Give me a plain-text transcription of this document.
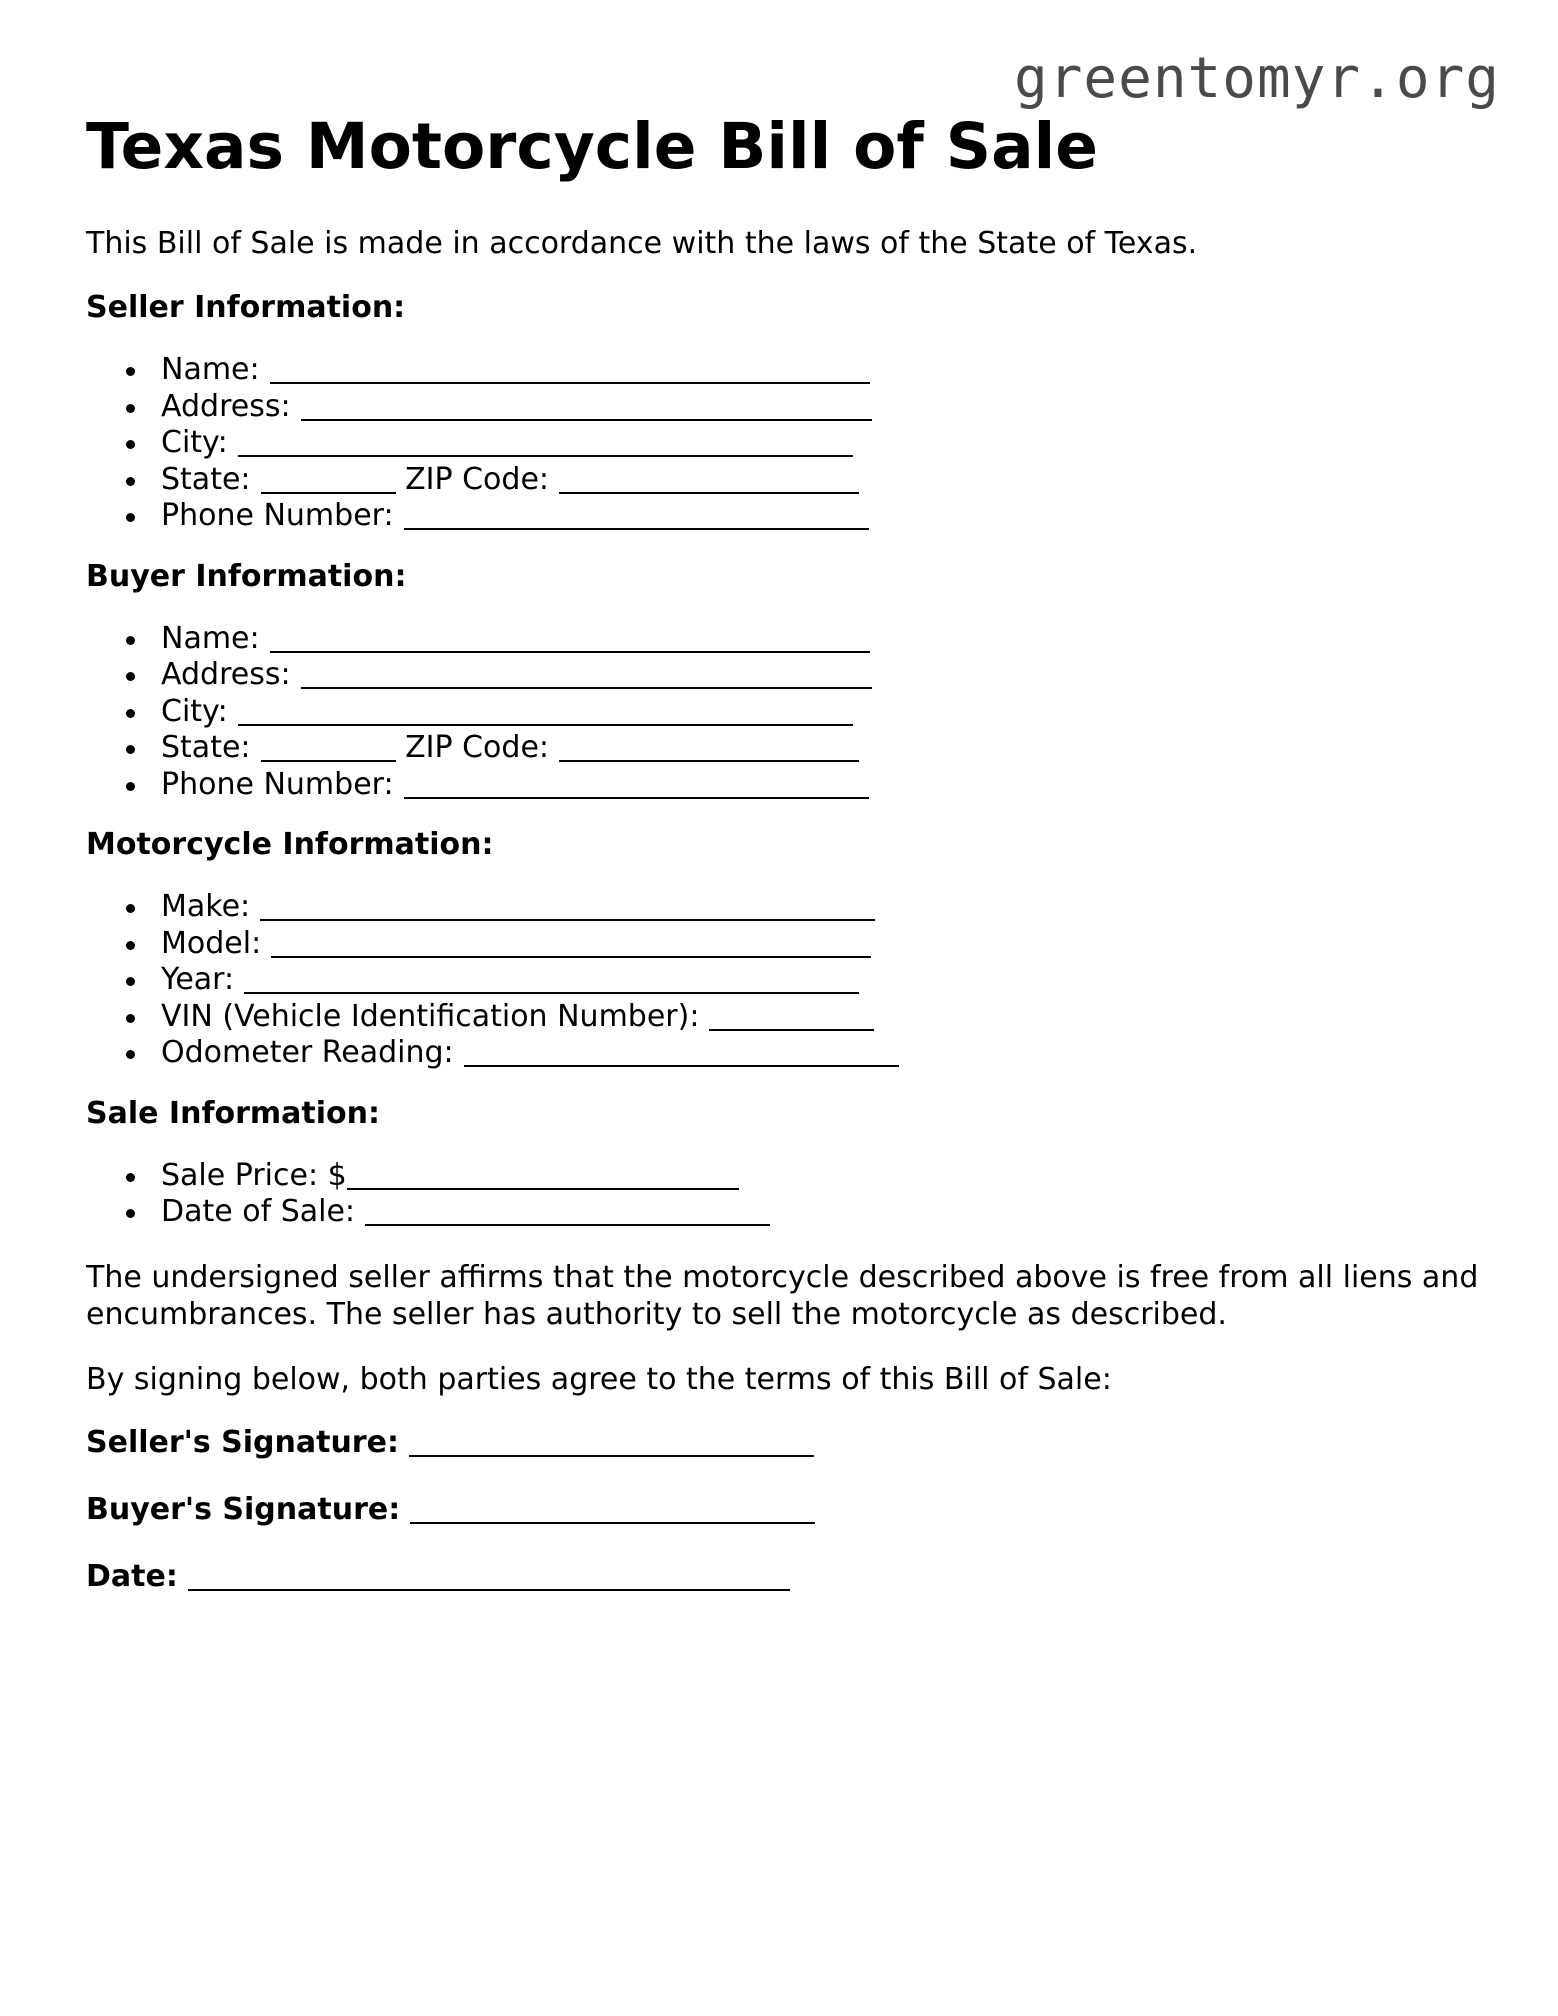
greentomyr.org
Texas Motorcycle Bill of Sale

This Bill of Sale is made in accordance with the laws of the State of Texas.

Seller Information:
Name:
Address:
City:
State:	ZIP Code:
Phone Number:
Buyer Information:
Name:
Address:
City:
State:	ZIP Code:
Phone Number:
Motorcycle Information:
Make:
Model:
Year:
VIN (Vehicle Identification Number):
Odometer Reading:
Sale Information:
Sale Price: $
Date of Sale:

The undersigned seller affirms that the motorcycle described above is free from all liens and encumbrances. The seller has authority to sell the motorcycle as described.

By signing below, both parties agree to the terms of this Bill of Sale:

Seller's Signature:
Buyer's Signature:
Date:
